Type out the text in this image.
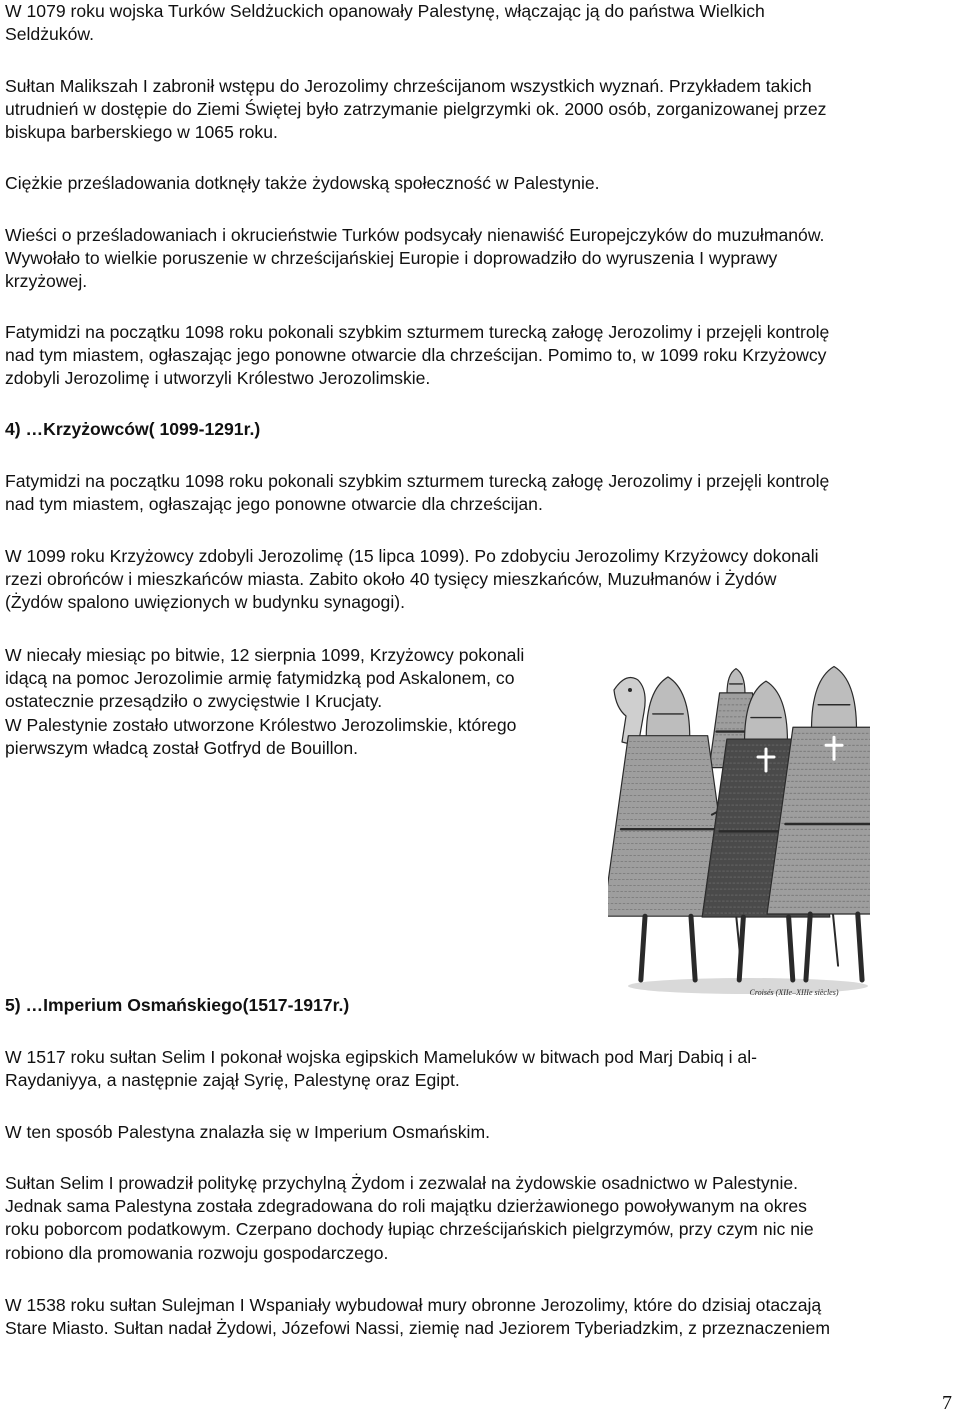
W 1079 roku wojska Turków Seldżuckich opanowały Palestynę, włączając ją do państwa Wielkich
Seldżuków.

Sułtan Malikszah I zabronił wstępu do Jerozolimy chrześcijanom wszystkich wyznań. Przykładem takich
utrudnień w dostępie do Ziemi Świętej było zatrzymanie pielgrzymki ok. 2000 osób, zorganizowanej przez
biskupa barberskiego w 1065 roku.

Ciężkie prześladowania dotknęły także żydowską społeczność w Palestynie.

Wieści o prześladowaniach i okrucieństwie Turków podsycały nienawiść Europejczyków do muzułmanów.
Wywołało to wielkie poruszenie w chrześcijańskiej Europie i doprowadziło do wyruszenia I wyprawy
krzyżowej.

Fatymidzi na początku 1098 roku pokonali szybkim szturmem turecką załogę Jerozolimy i przejęli kontrolę
nad tym miastem, ogłaszając jego ponowne otwarcie dla chrześcijan. Pomimo to, w 1099 roku Krzyżowcy
zdobyli Jerozolimę i utworzyli Królestwo Jerozolimskie.

4) …Krzyżowców( 1099-1291r.)

Fatymidzi na początku 1098 roku pokonali szybkim szturmem turecką załogę Jerozolimy i przejęli kontrolę
nad tym miastem, ogłaszając jego ponowne otwarcie dla chrześcijan.

W 1099 roku Krzyżowcy zdobyli Jerozolimę (15 lipca 1099). Po zdobyciu Jerozolimy Krzyżowcy dokonali
rzezi obrońców i mieszkańców miasta. Zabito około 40 tysięcy mieszkańców, Muzułmanów i Żydów
(Żydów spalono uwięzionych w budynku synagogi).

W niecały miesiąc po bitwie, 12 sierpnia 1099, Krzyżowcy pokonali
idącą na pomoc Jerozolimie armię fatymidzką pod Askalonem, co
ostatecznie przesądziło o zwycięstwie I Krucjaty.
W Palestynie zostało utworzone Królestwo Jerozolimskie, którego
pierwszym władcą został Gotfryd de Bouillon.

Croisés (XIIe–XIIIe siècles)

5) …Imperium Osmańskiego(1517-1917r.)

W 1517 roku sułtan Selim I pokonał wojska egipskich Mameluków w bitwach pod Marj Dabiq i al-
Raydaniyya, a następnie zajął Syrię, Palestynę oraz Egipt.

W ten sposób Palestyna znalazła się w Imperium Osmańskim.

Sułtan Selim I prowadził politykę przychylną Żydom i zezwalał na żydowskie osadnictwo w Palestynie.
Jednak sama Palestyna została zdegradowana do roli majątku dzierżawionego powoływanym na okres
roku poborcom podatkowym. Czerpano dochody łupiąc chrześcijańskich pielgrzymów, przy czym nic nie
robiono dla promowania rozwoju gospodarczego.

W 1538 roku sułtan Sulejman I Wspaniały wybudował mury obronne Jerozolimy, które do dzisiaj otaczają
Stare Miasto. Sułtan nadał Żydowi, Józefowi Nassi, ziemię nad Jeziorem Tyberiadzkim, z przeznaczeniem

7
